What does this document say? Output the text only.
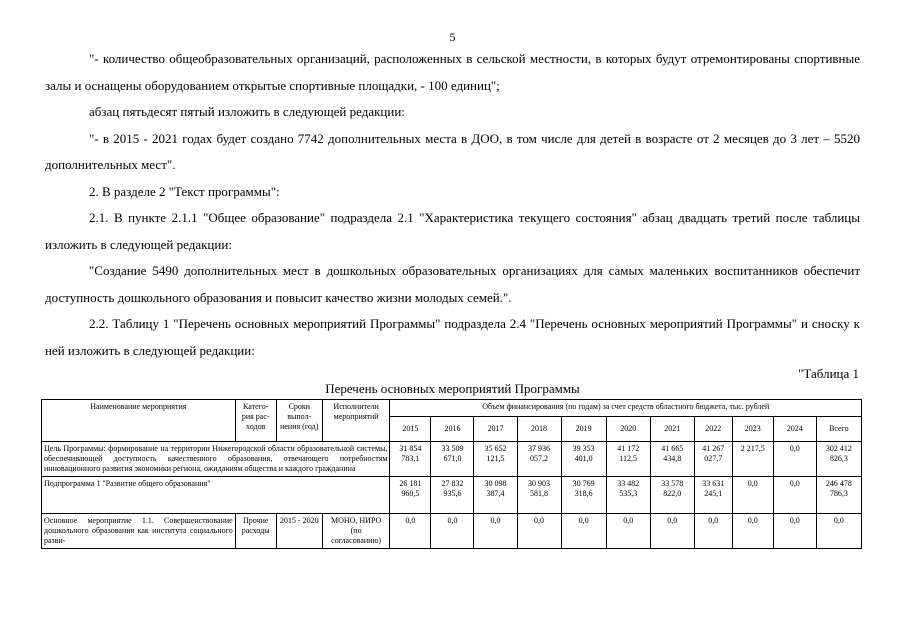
5

"- количество общеобразовательных организаций, расположенных в сельской местности, в которых будут отремонтированы спортивные залы и оснащены оборудованием открытые спортивные площадки, - 100 единиц";

абзац пятьдесят пятый изложить в следующей редакции:

"- в 2015 - 2021 годах будет создано 7742 дополнительных места в ДОО, в том числе для детей в возрасте от 2 месяцев до 3 лет – 5520 дополнительных мест".

2. В разделе 2 "Текст программы":

2.1. В пункте 2.1.1 "Общее образование" подраздела 2.1 "Характеристика текущего состояния" абзац двадцать третий после таблицы изложить в следующей редакции:

"Создание 5490 дополнительных мест в дошкольных образовательных организациях для самых маленьких воспитанников обеспечит доступность дошкольного образования и повысит качество жизни молодых семей.".

2.2. Таблицу 1 "Перечень основных мероприятий Программы" подраздела 2.4 "Перечень основных мероприятий Программы" и сноску к ней изложить в следующей редакции:

"Таблица 1
Перечень основных мероприятий Программы
Наименование мероприятия	Катего-рия рас-ходов	Сроки выпол-нения (год)	Исполнители мероприятий	Объем финансирования (по годам) за счет средств областного бюджета, тыс. рублей										
				2015	2016	2017	2018	2019	2020	2021	2022	2023	2024	Всего
Цель Программы: формирование на территории Нижегородской области образовательной системы, обеспечивающей доступность качественного образования, отвечающего потребностям инновационного развития экономики региона, ожиданиям общества и каждого гражданина				31 854 783,1	33 509 671,0	35 652 121,5	37 936 057,2	39 353 401,0	41 172 112,5	41 665 434,8	41 267 027,7	2 217,5	0,0	302 412 826,3
Подпрограмма 1 "Развитие общего образования"				26 181 960,5	27 832 935,6	30 098 387,4	30 903 581,8	30 769 318,6	33 482 535,3	33 578 822,0	33 631 245,1	0,0	0,0	246 478 786,3
Основное мероприятие 1.1. Совершенствование дошкольного образования как института социального разви-	Прочие расходы	2015 - 2020	МОНО, НИРО (по согласованию)	0,0	0,0	0,0	0,0	0,0	0,0	0,0	0,0	0,0	0,0	0,0
